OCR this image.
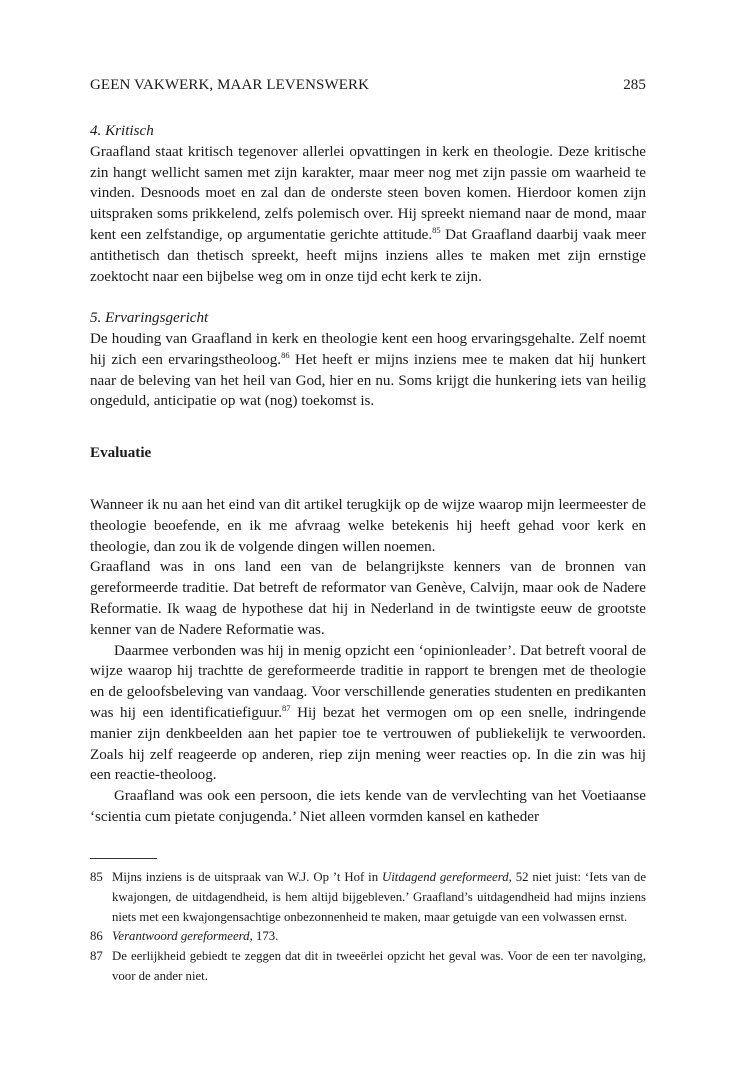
GEEN VAKWERK, MAAR LEVENSWERK	285

4. Kritisch

Graafland staat kritisch tegenover allerlei opvattingen in kerk en theologie. Deze kritische zin hangt wellicht samen met zijn karakter, maar meer nog met zijn passie om waarheid te vinden. Desnoods moet en zal dan de onderste steen boven komen. Hierdoor komen zijn uitspraken soms prikkelend, zelfs polemisch over. Hij spreekt niemand naar de mond, maar kent een zelfstandige, op argumentatie gerichte attitude.$^{85}$ Dat Graafland daarbij vaak meer antithetisch dan thetisch spreekt, heeft mijns inziens alles te maken met zijn ernstige zoektocht naar een bijbelse weg om in onze tijd echt kerk te zijn.

5. Ervaringsgericht

De houding van Graafland in kerk en theologie kent een hoog ervaringsgehalte. Zelf noemt hij zich een ervaringstheoloog.$^{86}$ Het heeft er mijns inziens mee te maken dat hij hunkert naar de beleving van het heil van God, hier en nu. Soms krijgt die hunkering iets van heilig ongeduld, anticipatie op wat (nog) toekomst is.

Evaluatie

Wanneer ik nu aan het eind van dit artikel terugkijk op de wijze waarop mijn leermeester de theologie beoefende, en ik me afvraag welke betekenis hij heeft gehad voor kerk en theologie, dan zou ik de volgende dingen willen noemen.

Graafland was in ons land een van de belangrijkste kenners van de bronnen van gereformeerde traditie. Dat betreft de reformator van Genève, Calvijn, maar ook de Nadere Reformatie. Ik waag de hypothese dat hij in Nederland in de twintigste eeuw de grootste kenner van de Nadere Reformatie was.

Daarmee verbonden was hij in menig opzicht een ‘opinionleader’. Dat betreft vooral de wijze waarop hij trachtte de gereformeerde traditie in rapport te brengen met de theologie en de geloofsbeleving van vandaag. Voor verschillende generaties studenten en predikanten was hij een identificatiefiguur.$^{87}$ Hij bezat het vermogen om op een snelle, indringende manier zijn denkbeelden aan het papier toe te vertrouwen of publiekelijk te verwoorden. Zoals hij zelf reageerde op anderen, riep zijn mening weer reacties op. In die zin was hij een reactie-theoloog.

Graafland was ook een persoon, die iets kende van de vervlechting van het Voetiaanse ‘scientia cum pietate conjugenda.’ Niet alleen vormden kansel en katheder

85 Mijns inziens is de uitspraak van W.J. Op ’t Hof in Uitdagend gereformeerd, 52 niet juist: ‘Iets van de kwajongen, de uitdagendheid, is hem altijd bijgebleven.’ Graafland’s uitdagendheid had mijns inziens niets met een kwajongensachtige onbezonnenheid te maken, maar getuigde van een volwassen ernst.
86 Verantwoord gereformeerd, 173.
87 De eerlijkheid gebiedt te zeggen dat dit in tweeërlei opzicht het geval was. Voor de een ter navolging, voor de ander niet.
